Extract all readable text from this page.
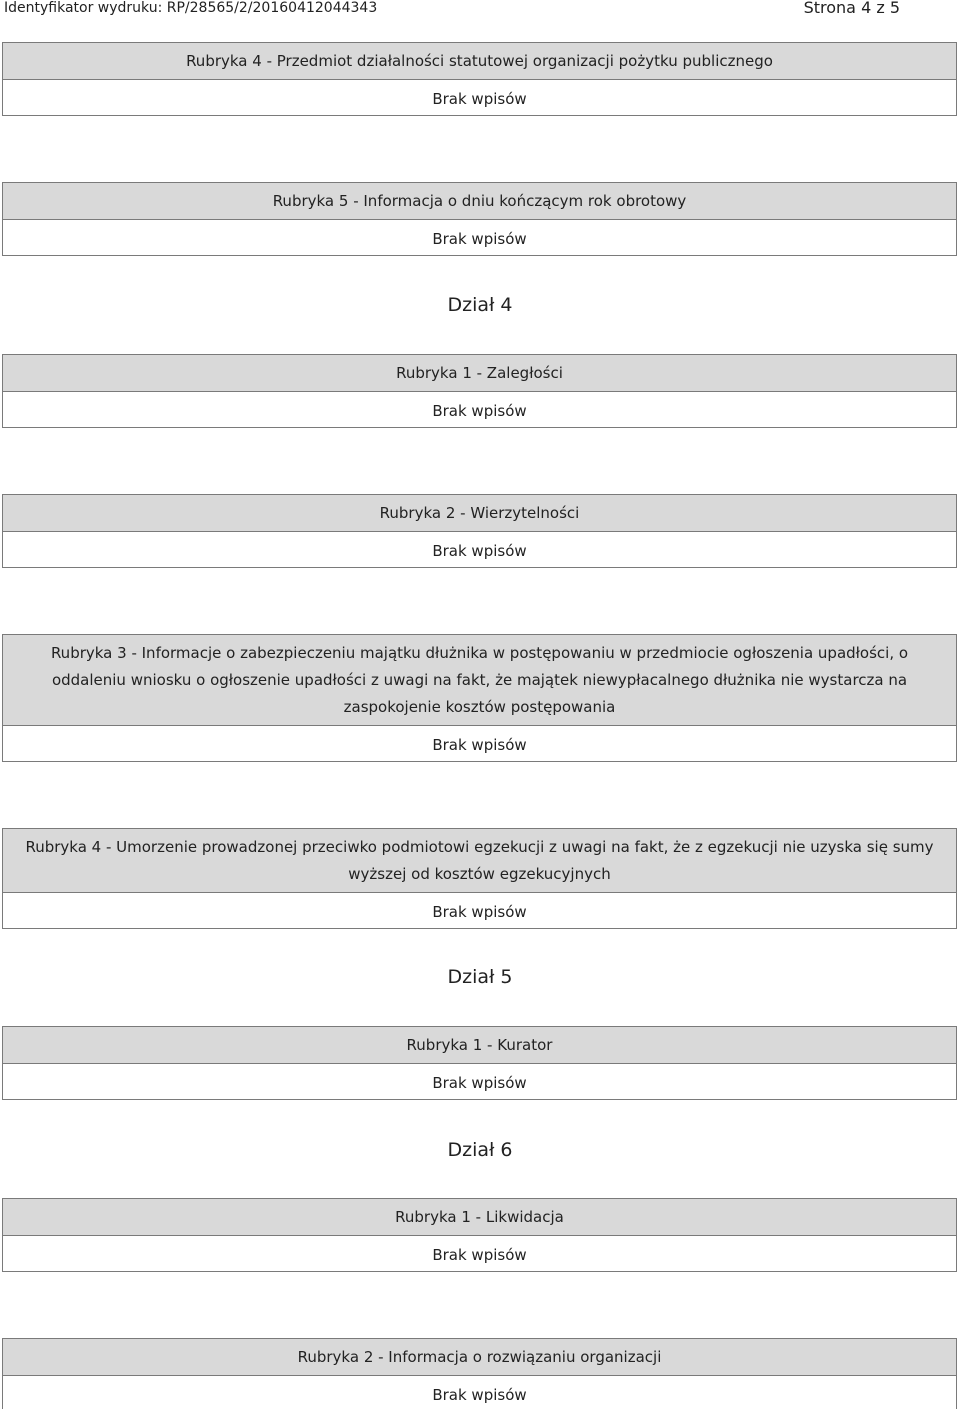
Identyfikator wydruku: RP/28565/2/20160412044343	Strona 4 z 5
Rubryka 4 - Przedmiot działalności statutowej organizacji pożytku publicznego
Brak wpisów
Rubryka 5 - Informacja o dniu kończącym rok obrotowy
Brak wpisów
Dział 4
Rubryka 1 - Zaległości
Brak wpisów
Rubryka 2 - Wierzytelności
Brak wpisów
Rubryka 3 - Informacje o zabezpieczeniu majątku dłużnika w postępowaniu w przedmiocie ogłoszenia upadłości, o oddaleniu wniosku o ogłoszenie upadłości z uwagi na fakt, że majątek niewypłacalnego dłużnika nie wystarcza na zaspokojenie kosztów postępowania
Brak wpisów
Rubryka 4 - Umorzenie prowadzonej przeciwko podmiotowi egzekucji z uwagi na fakt, że z egzekucji nie uzyska się sumy wyższej od kosztów egzekucyjnych
Brak wpisów
Dział 5
Rubryka 1 - Kurator
Brak wpisów
Dział 6
Rubryka 1 - Likwidacja
Brak wpisów
Rubryka 2 - Informacja o rozwiązaniu organizacji
Brak wpisów
